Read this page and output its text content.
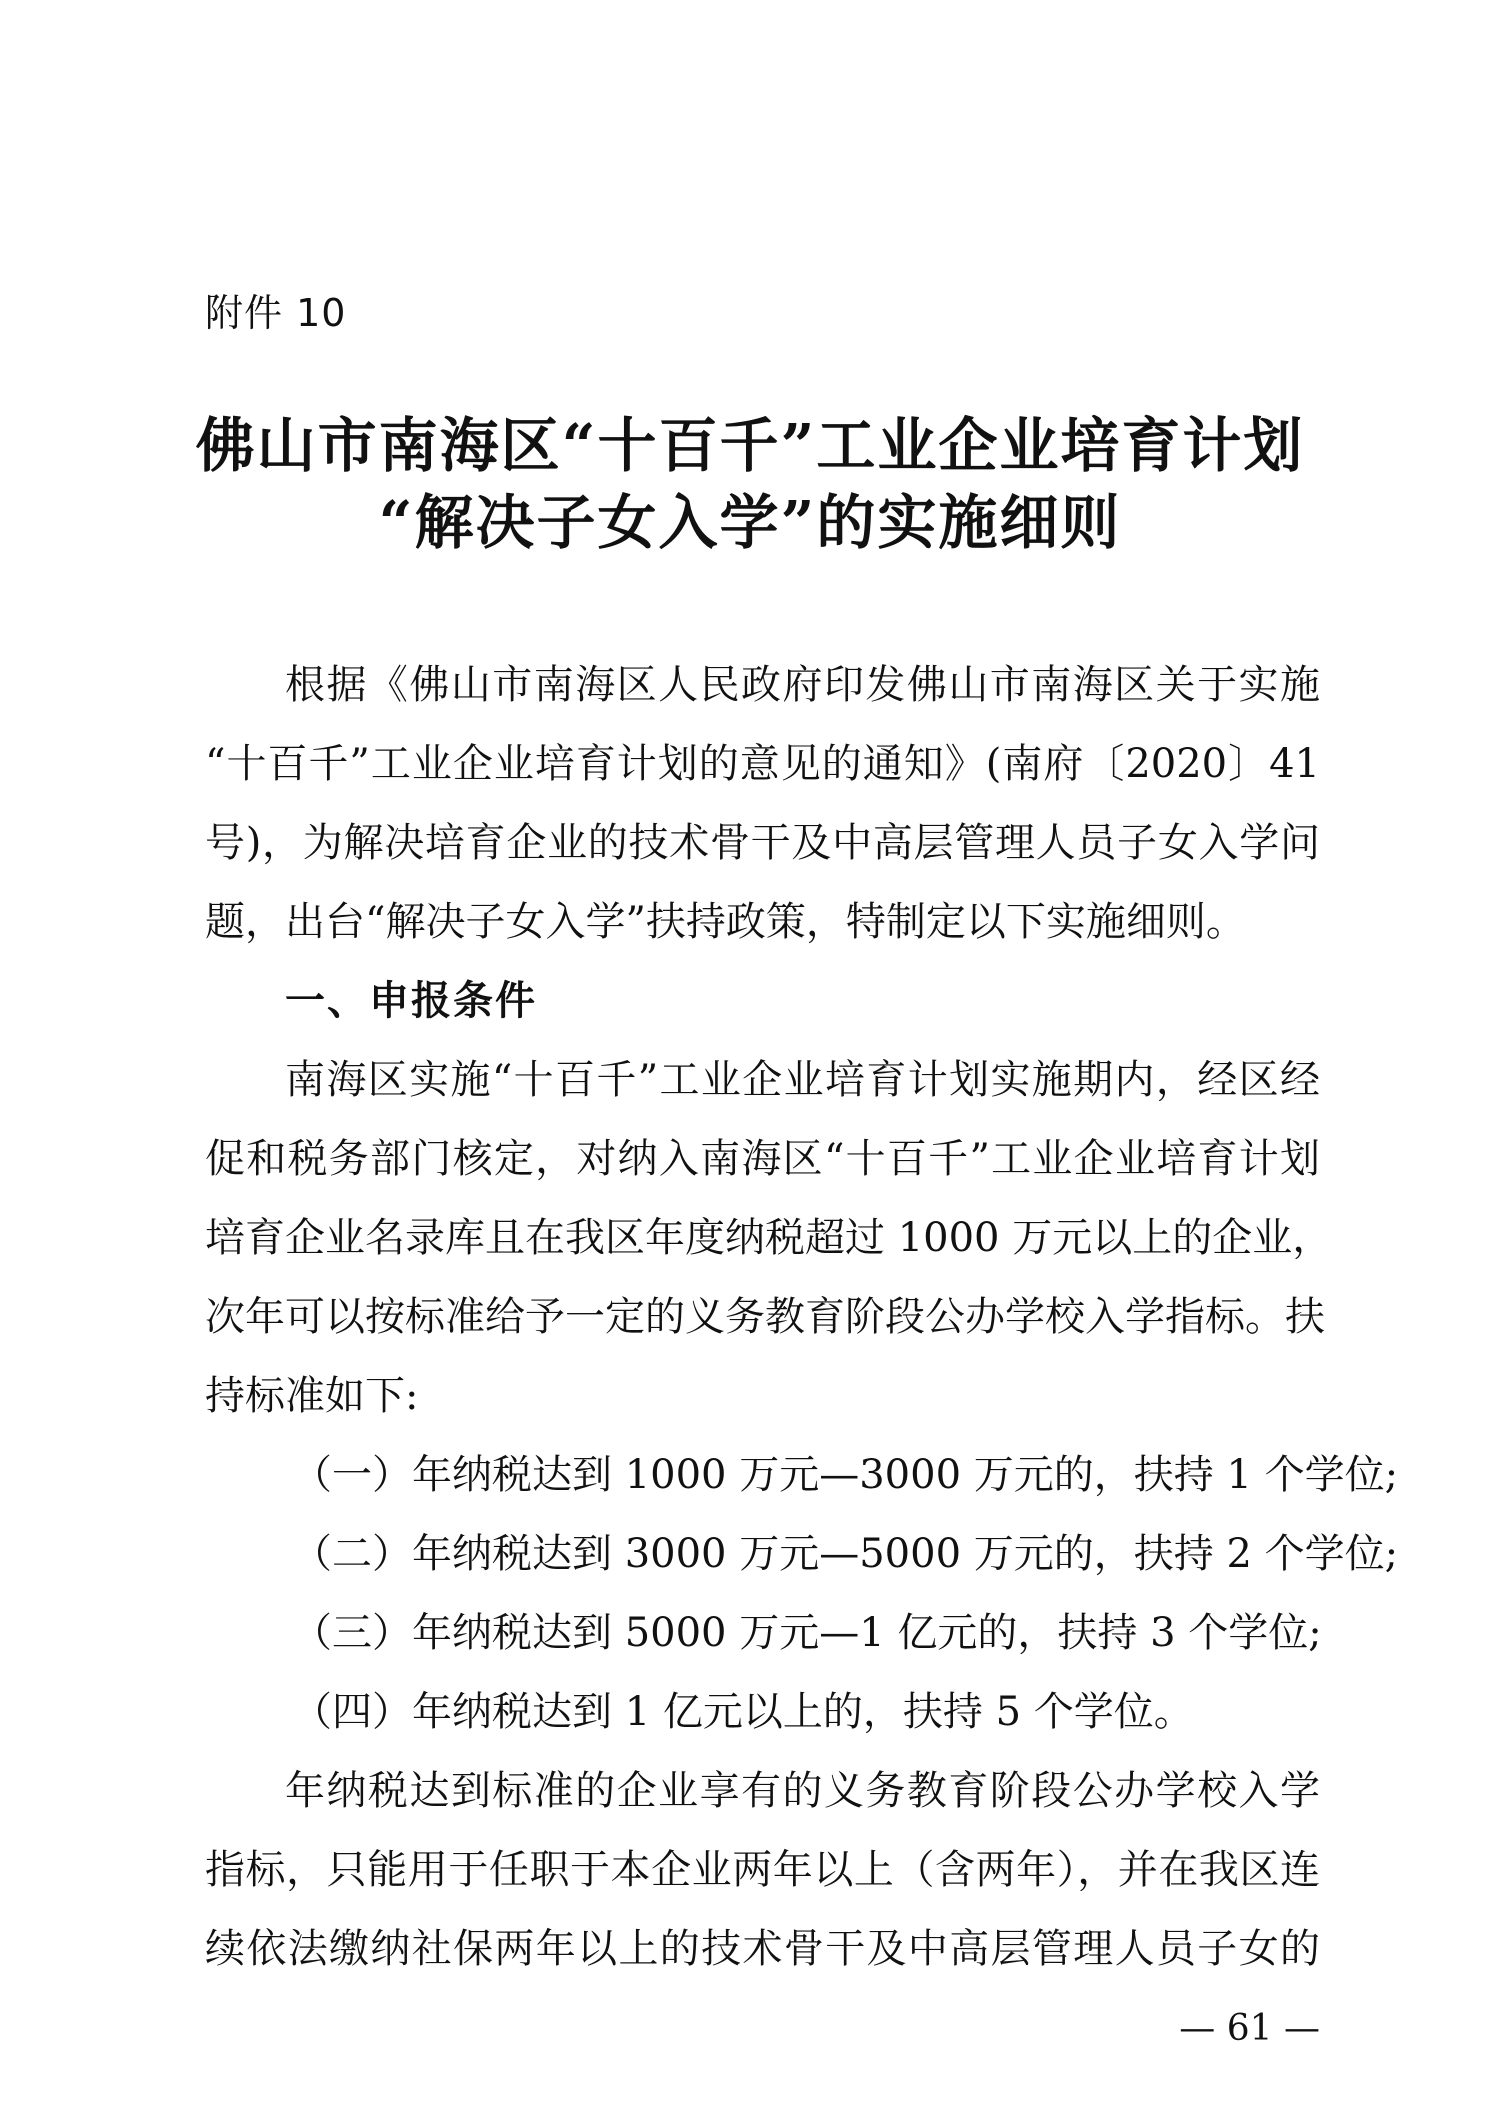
附件 10
佛山市南海区“十百千”工业企业培育计划
“解决子女入学”的实施细则
根据《佛山市南海区人民政府印发佛山市南海区关于实施
“十百千”工业企业培育计划的意见的通知》(南府〔2020〕41
号)，为解决培育企业的技术骨干及中高层管理人员子女入学问
题，出台“解决子女入学”扶持政策，特制定以下实施细则。
一、申报条件
南海区实施“十百千”工业企业培育计划实施期内，经区经
促和税务部门核定，对纳入南海区“十百千”工业企业培育计划
培育企业名录库且在我区年度纳税超过 1000 万元以上的企业，
次年可以按标准给予一定的义务教育阶段公办学校入学指标。扶
持标准如下:
（一）年纳税达到 1000 万元—3000 万元的，扶持 1 个学位;
（二）年纳税达到 3000 万元—5000 万元的，扶持 2 个学位;
（三）年纳税达到 5000 万元—1 亿元的，扶持 3 个学位;
（四）年纳税达到 1 亿元以上的，扶持 5 个学位。
年纳税达到标准的企业享有的义务教育阶段公办学校入学
指标，只能用于任职于本企业两年以上（含两年），并在我区连
续依法缴纳社保两年以上的技术骨干及中高层管理人员子女的
— 61 —
